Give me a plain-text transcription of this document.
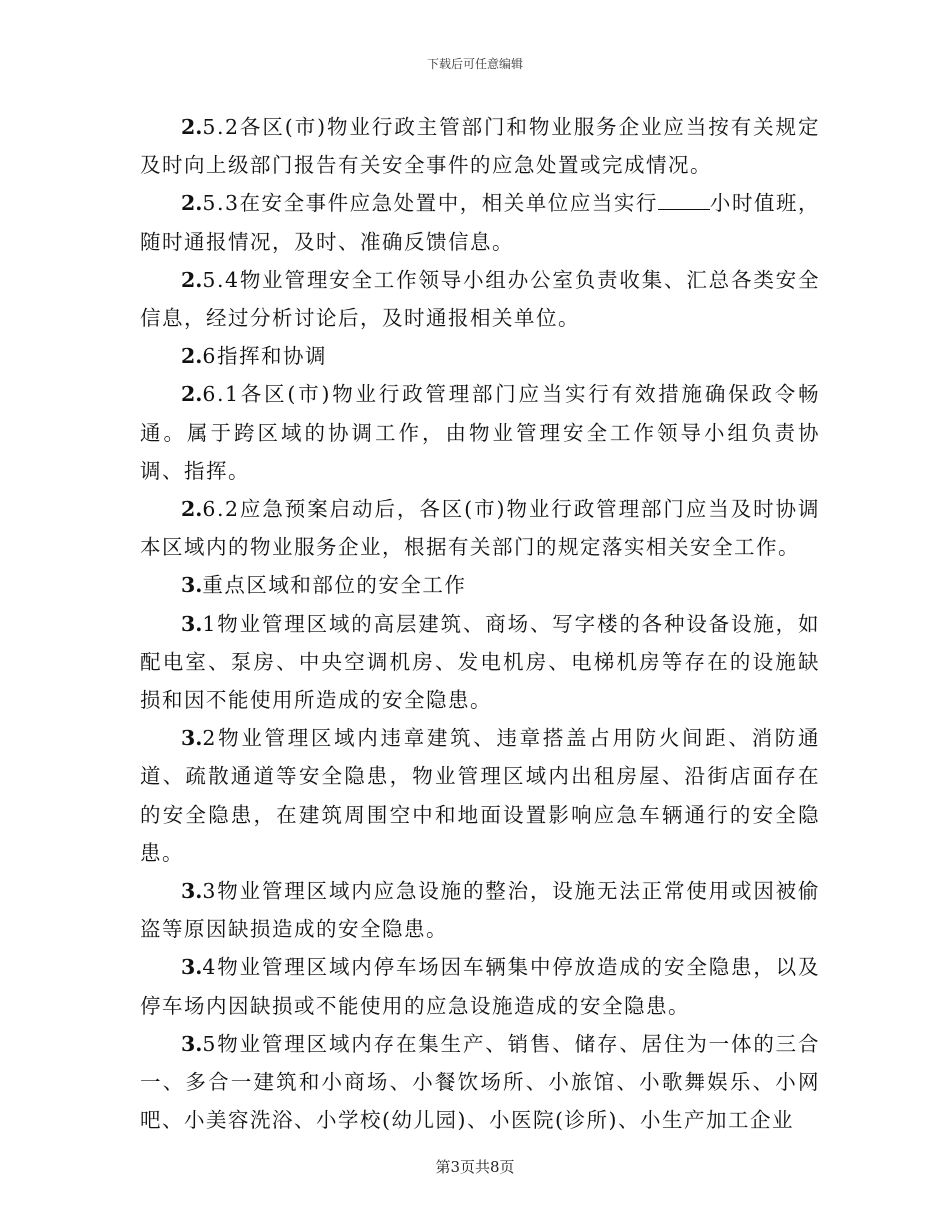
下载后可任意编辑

2.5.2各区(市)物业行政主管部门和物业服务企业应当按有关规定及时向上级部门报告有关安全事件的应急处置或完成情况。

2.5.3在安全事件应急处置中，相关单位应当实行	小时值班，随时通报情况，及时、准确反馈信息。

2.5.4物业管理安全工作领导小组办公室负责收集、汇总各类安全信息，经过分析讨论后，及时通报相关单位。

2.6指挥和协调

2.6.1各区(市)物业行政管理部门应当实行有效措施确保政令畅通。属于跨区域的协调工作，由物业管理安全工作领导小组负责协调、指挥。

2.6.2应急预案启动后，各区(市)物业行政管理部门应当及时协调本区域内的物业服务企业，根据有关部门的规定落实相关安全工作。

3.重点区域和部位的安全工作

3.1物业管理区域的高层建筑、商场、写字楼的各种设备设施，如配电室、泵房、中央空调机房、发电机房、电梯机房等存在的设施缺损和因不能使用所造成的安全隐患。

3.2物业管理区域内违章建筑、违章搭盖占用防火间距、消防通道、疏散通道等安全隐患，物业管理区域内出租房屋、沿街店面存在的安全隐患，在建筑周围空中和地面设置影响应急车辆通行的安全隐患。

3.3物业管理区域内应急设施的整治，设施无法正常使用或因被偷盗等原因缺损造成的安全隐患。

3.4物业管理区域内停车场因车辆集中停放造成的安全隐患，以及停车场内因缺损或不能使用的应急设施造成的安全隐患。

3.5物业管理区域内存在集生产、销售、储存、居住为一体的三合一、多合一建筑和小商场、小餐饮场所、小旅馆、小歌舞娱乐、小网吧、小美容洗浴、小学校(幼儿园)、小医院(诊所)、小生产加工企业

第3页共8页
